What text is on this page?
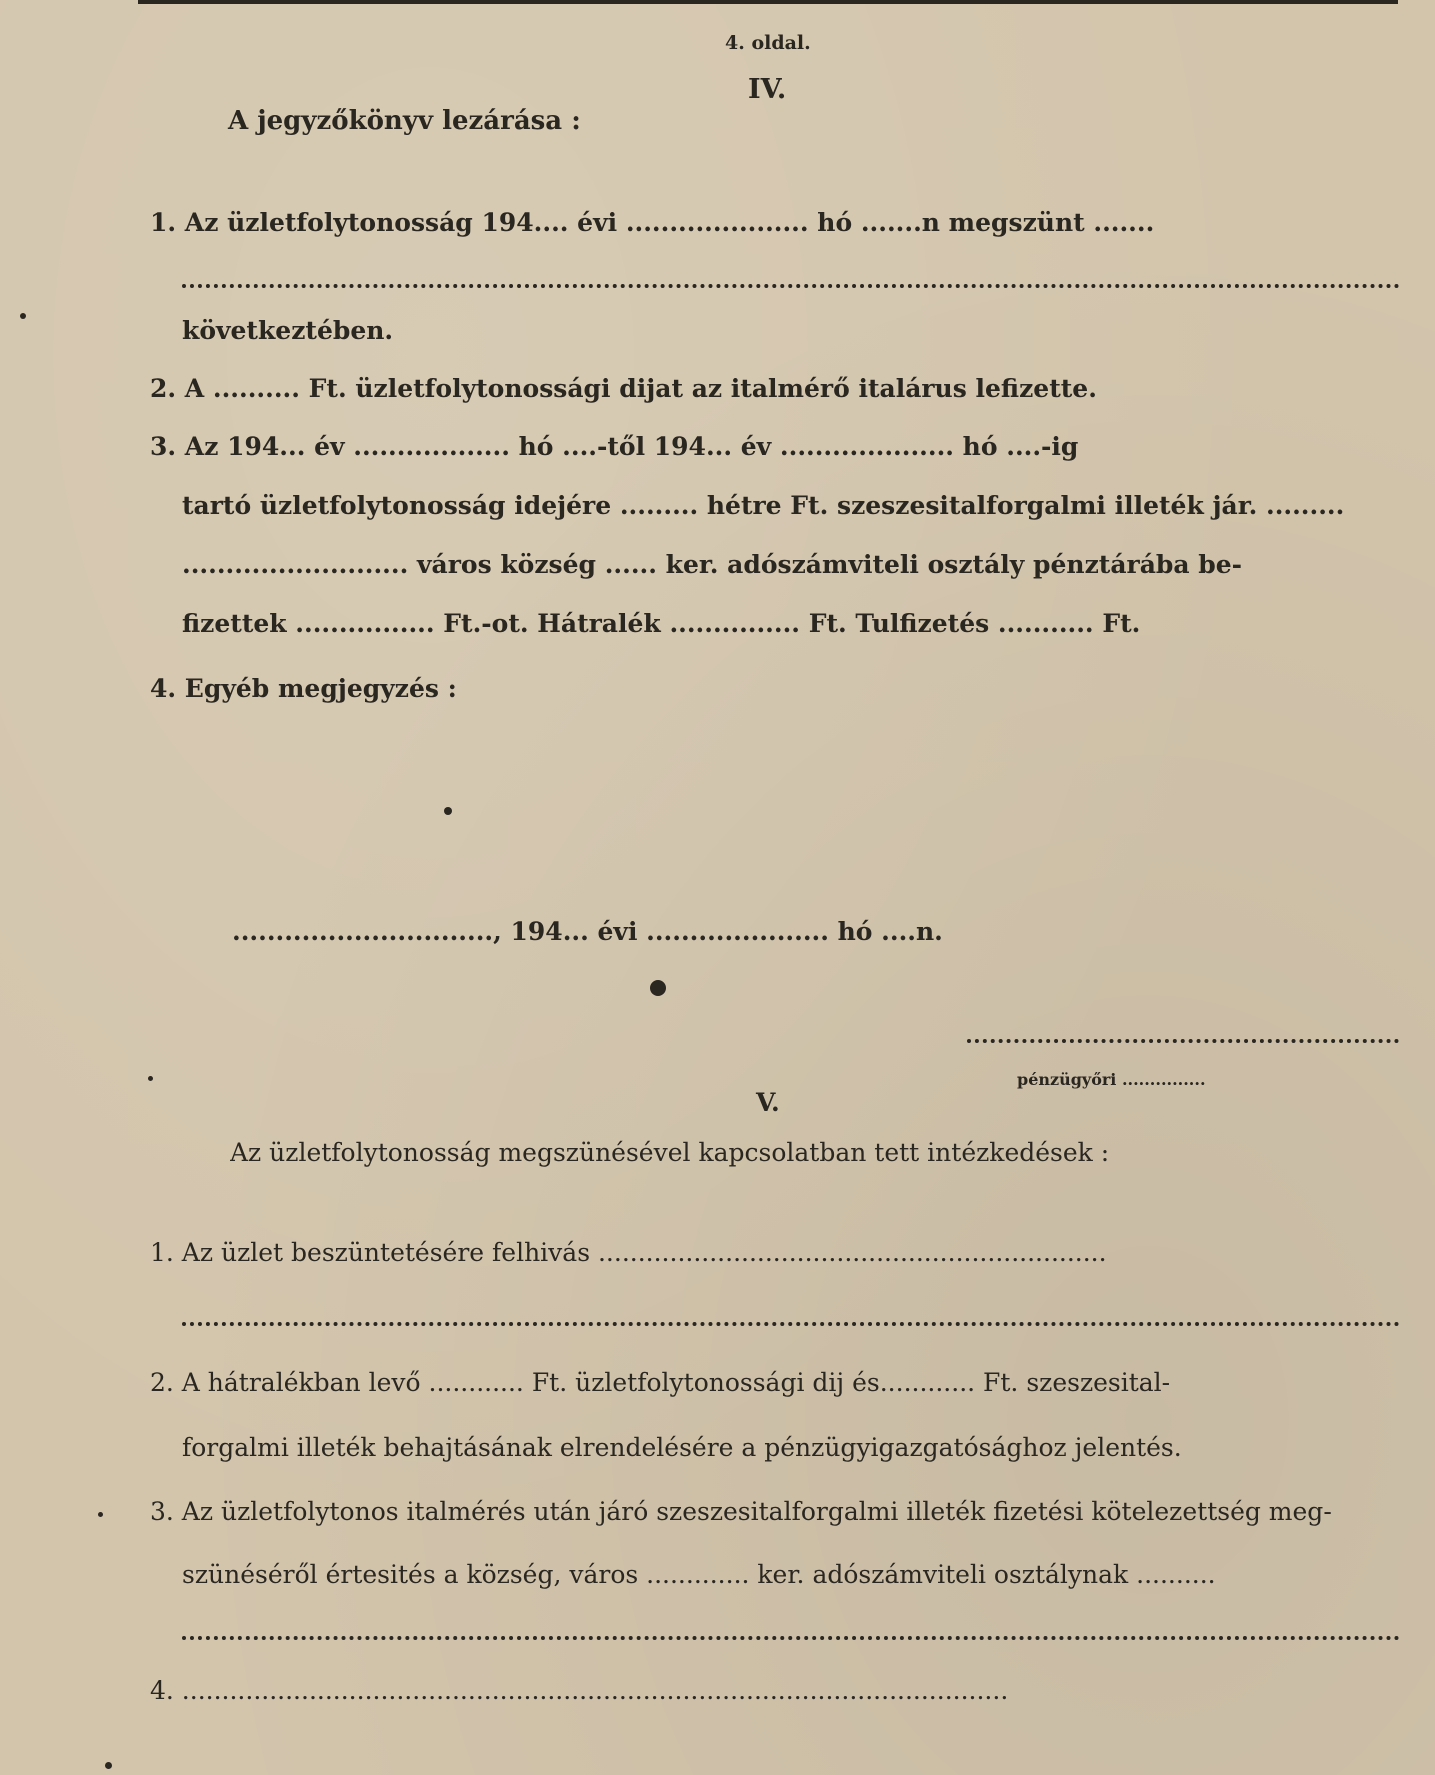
4. oldal.
IV.
A jegyzőkönyv lezárása :
1. Az üzletfolytonosság 194.... évi ..................... hó .......n megszünt .......
következtében.
2. A .......... Ft. üzletfolytonossági dijat az italmérő italárus lefizette.
3. Az 194... év .................. hó ....-től 194... év .................... hó ....-ig
tartó üzletfolytonosság idejére ......... hétre Ft. szeszesitalforgalmi illeték jár. .........
.......................... város község ...... ker. adószámviteli osztály pénztárába be-
fizettek ................ Ft.-ot. Hátralék ............... Ft. Tulfizetés ........... Ft.
4. Egyéb megjegyzés :
.............................., 194... évi ..................... hó ....n.
pénzügyőri ...............
V.
Az üzletfolytonosság megszünésével kapcsolatban tett intézkedések :
1. Az üzlet beszüntetésére felhivás ................................................................
2. A hátralékban levő ............ Ft. üzletfolytonossági dij és............ Ft. szeszesital-
forgalmi illeték behajtásának elrendelésére a pénzügyigazgatósághoz jelentés.
3. Az üzletfolytonos italmérés után járó szeszesitalforgalmi illeték fizetési kötelezettség meg-
szünéséről értesités a község, város ............. ker. adószámviteli osztálynak ..........
4. ........................................................................................................
